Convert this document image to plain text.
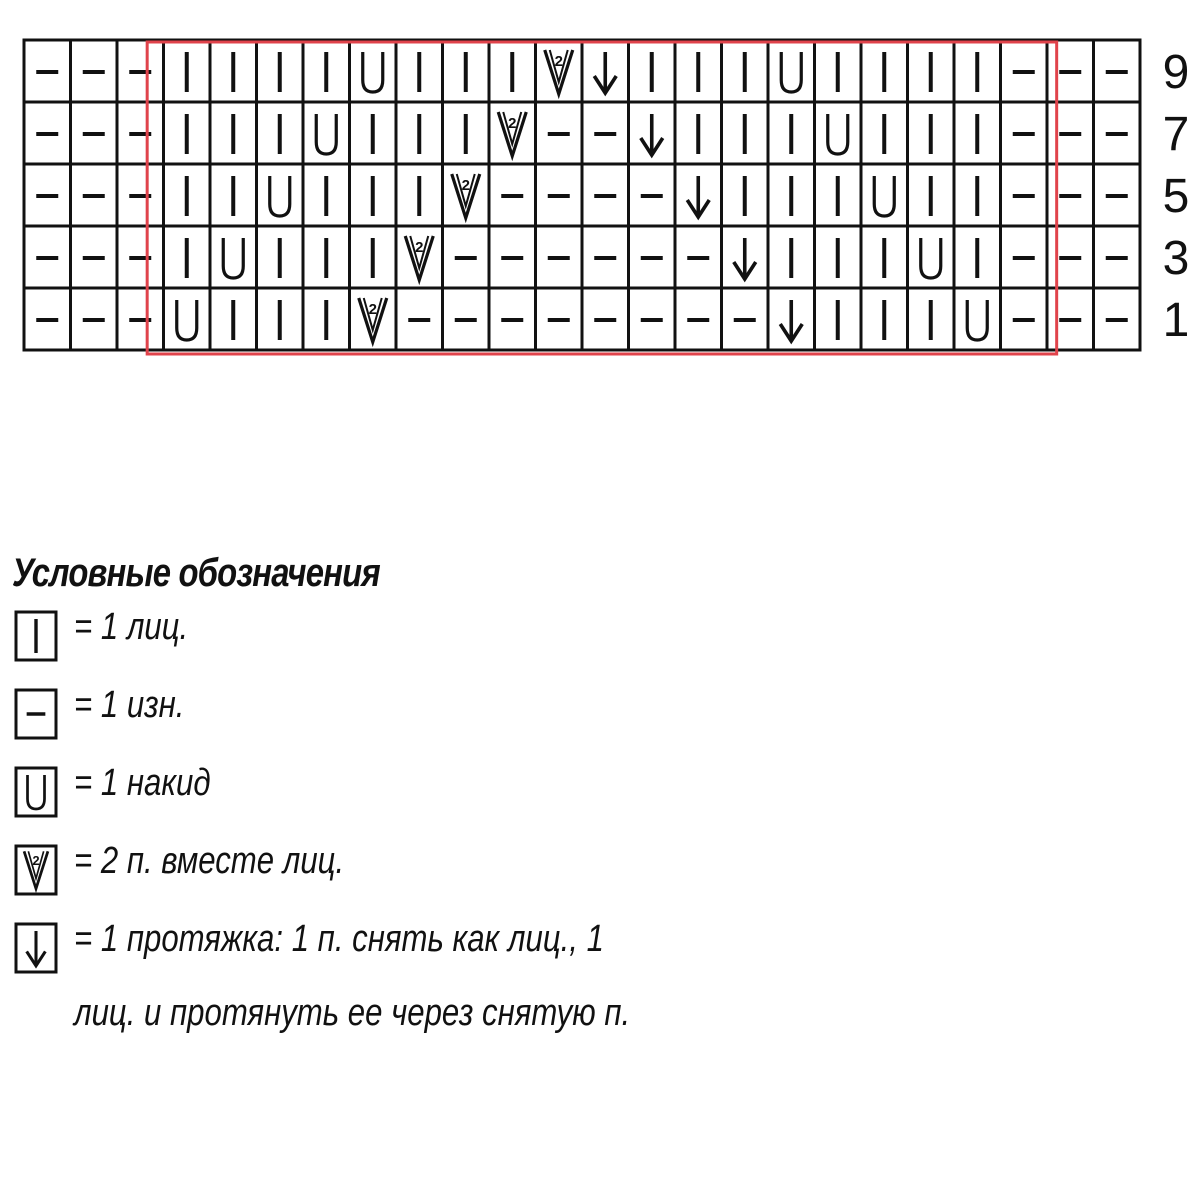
2
2
2
2
2
9
7
5
3
1
Условные обозначения
= 1 лиц.
= 1 изн.
= 1 накид
2 = 2 п. вместе лиц.
= 1 протяжка: 1 п. снять как лиц., 1
лиц. и протянуть ее через снятую п.
